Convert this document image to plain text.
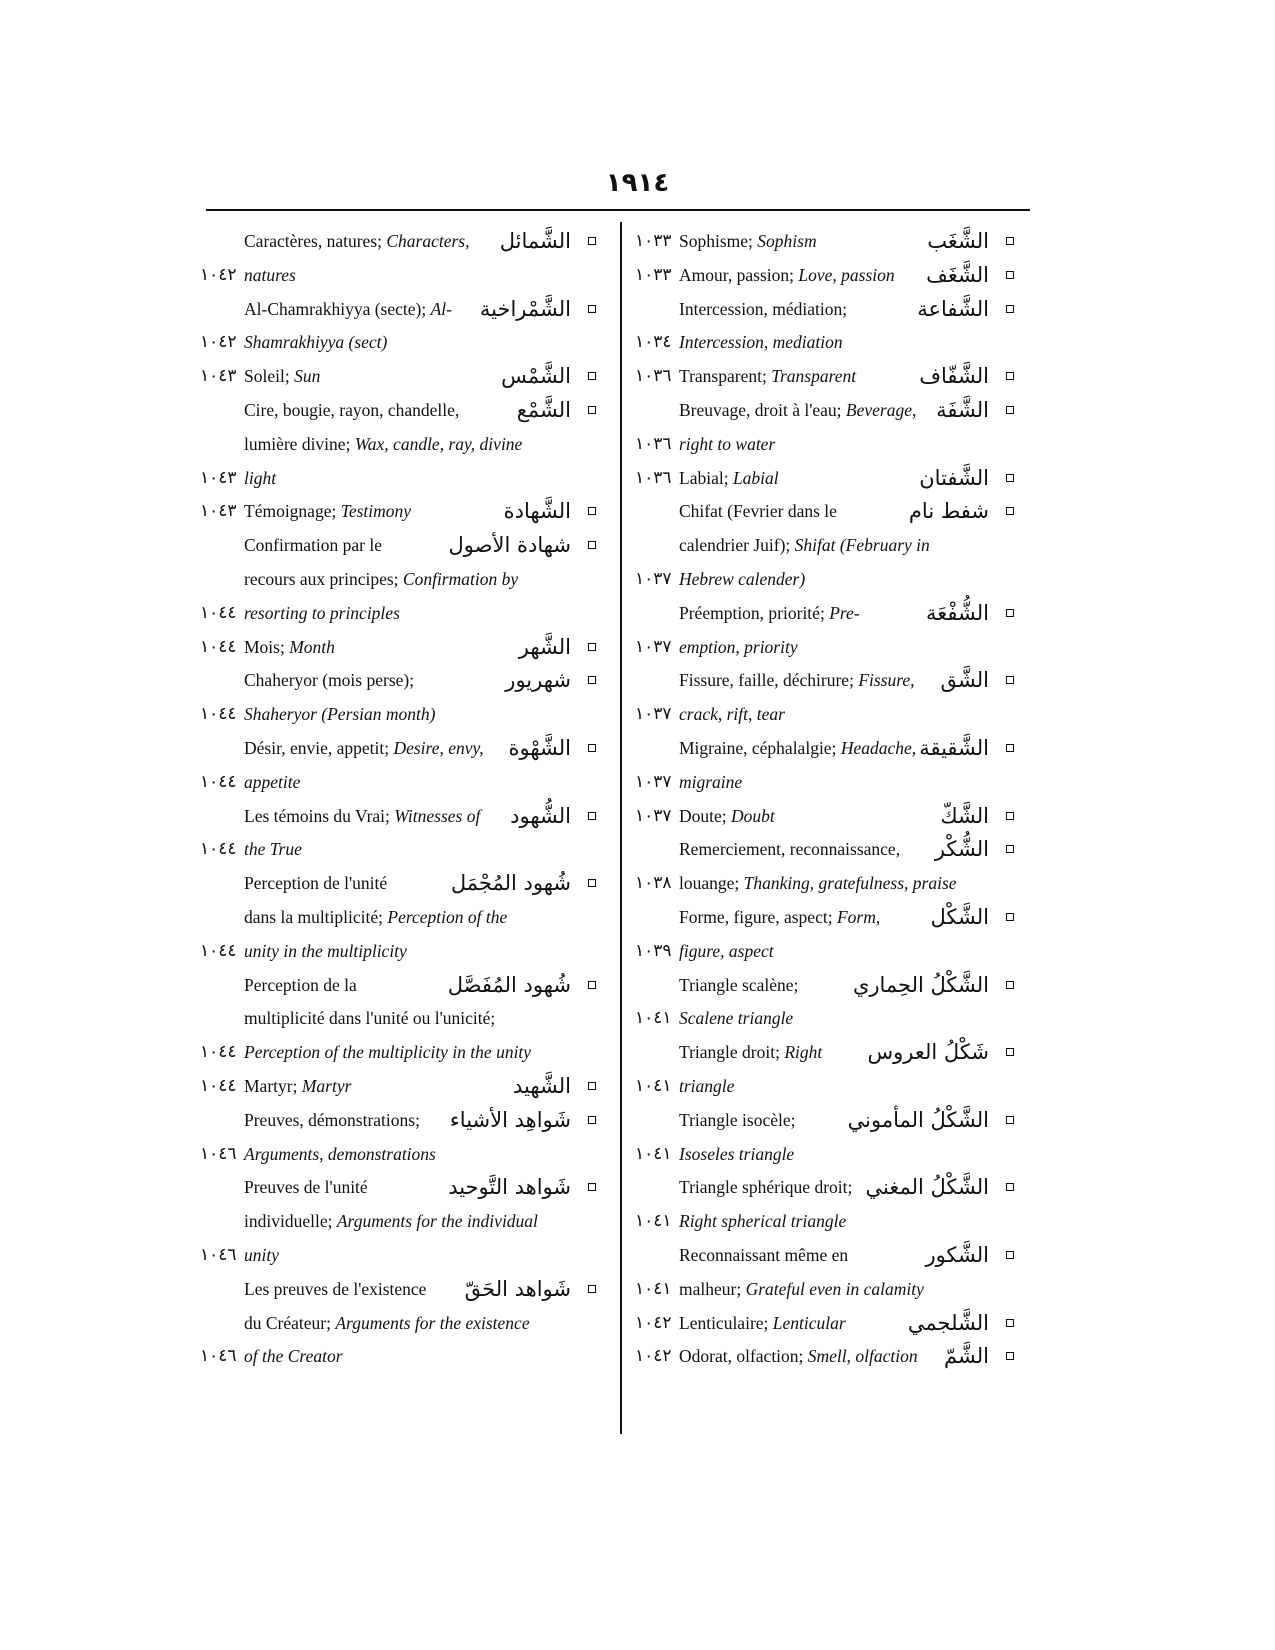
١٩١٤
Caractères, natures; Characters, الشَّمائل
١٠٤٢ natures
Al-Chamrakhiyya (secte); Al- الشَّمْراخية
١٠٤٢ Shamrakhiyya (sect)
١٠٤٣ Soleil; Sun	الشَّمْس
Cire, bougie, rayon, chandelle,	الشَّمْع
lumière divine; Wax, candle, ray, divine
١٠٤٣ light
١٠٤٣ Témoignage; Testimony	الشَّهادة
Confirmation par le	شهادة الأصول
recours aux principes; Confirmation by
١٠٤٤ resorting to principles
١٠٤٤ Mois; Month	الشَّهر
Chaheryor (mois perse);	شهريور
١٠٤٤ Shaheryor (Persian month)
Désir, envie, appetit; Desire, envy, الشَّهْوة
١٠٤٤ appetite
Les témoins du Vrai; Witnesses of الشُّهود
١٠٤٤ the True
Perception de l'unité	شُهود المُجْمَل
dans la multiplicité; Perception of the
١٠٤٤ unity in the multiplicity
Perception de la	شُهود المُفَصَّل
multiplicité dans l'unité ou l'unicité;
١٠٤٤ Perception of the multiplicity in the unity
١٠٤٤ Martyr; Martyr	الشَّهيد
Preuves, démonstrations; شَواهِد الأشياء
١٠٤٦ Arguments, demonstrations
Preuves de l'unité	شَواهد التَّوحيد
individuelle; Arguments for the individual
١٠٤٦ unity
Les preuves de l'existence شَواهد الحَقّ
du Créateur; Arguments for the existence
١٠٤٦ of the Creator
١٠٣٣ Sophisme; Sophism	الشَّغَب
١٠٣٣ Amour, passion; Love, passion الشَّغَف
Intercession, médiation;	الشَّفاعة
١٠٣٤ Intercession, mediation
١٠٣٦ Transparent; Transparent	الشَّفّاف
Breuvage, droit à l'eau; Beverage, الشَّفَة
١٠٣٦ right to water
١٠٣٦ Labial; Labial	الشَّفتان
Chifat (Fevrier dans le	شفط نام
calendrier Juif); Shifat (February in
١٠٣٧ Hebrew calender)
Préemption, priorité; Pre-	الشُّفْعَة
١٠٣٧ emption, priority
Fissure, faille, déchirure; Fissure, الشَّق
١٠٣٧ crack, rift, tear
Migraine, céphalalgie; Headache, الشَّقيقة
١٠٣٧ migraine
١٠٣٧ Doute; Doubt	الشَّكّ
Remerciement, reconnaissance, الشُّكْر
١٠٣٨ louange; Thanking, gratefulness, praise
Forme, figure, aspect; Form, الشَّكْل
١٠٣٩ figure, aspect
Triangle scalène;	الشَّكْلُ الحِماري
١٠٤١ Scalene triangle
Triangle droit; Right شَكْلُ العروس
١٠٤١ triangle
Triangle isocèle; الشَّكْلُ المأموني
١٠٤١ Isoseles triangle
Triangle sphérique droit; الشَّكْلُ المغني
١٠٤١ Right spherical triangle
Reconnaissant même en	الشَّكور
١٠٤١ malheur; Grateful even in calamity
١٠٤٢ Lenticulaire; Lenticular	الشَّلجمي
١٠٤٢ Odorat, olfaction; Smell, olfaction الشَّمّ
